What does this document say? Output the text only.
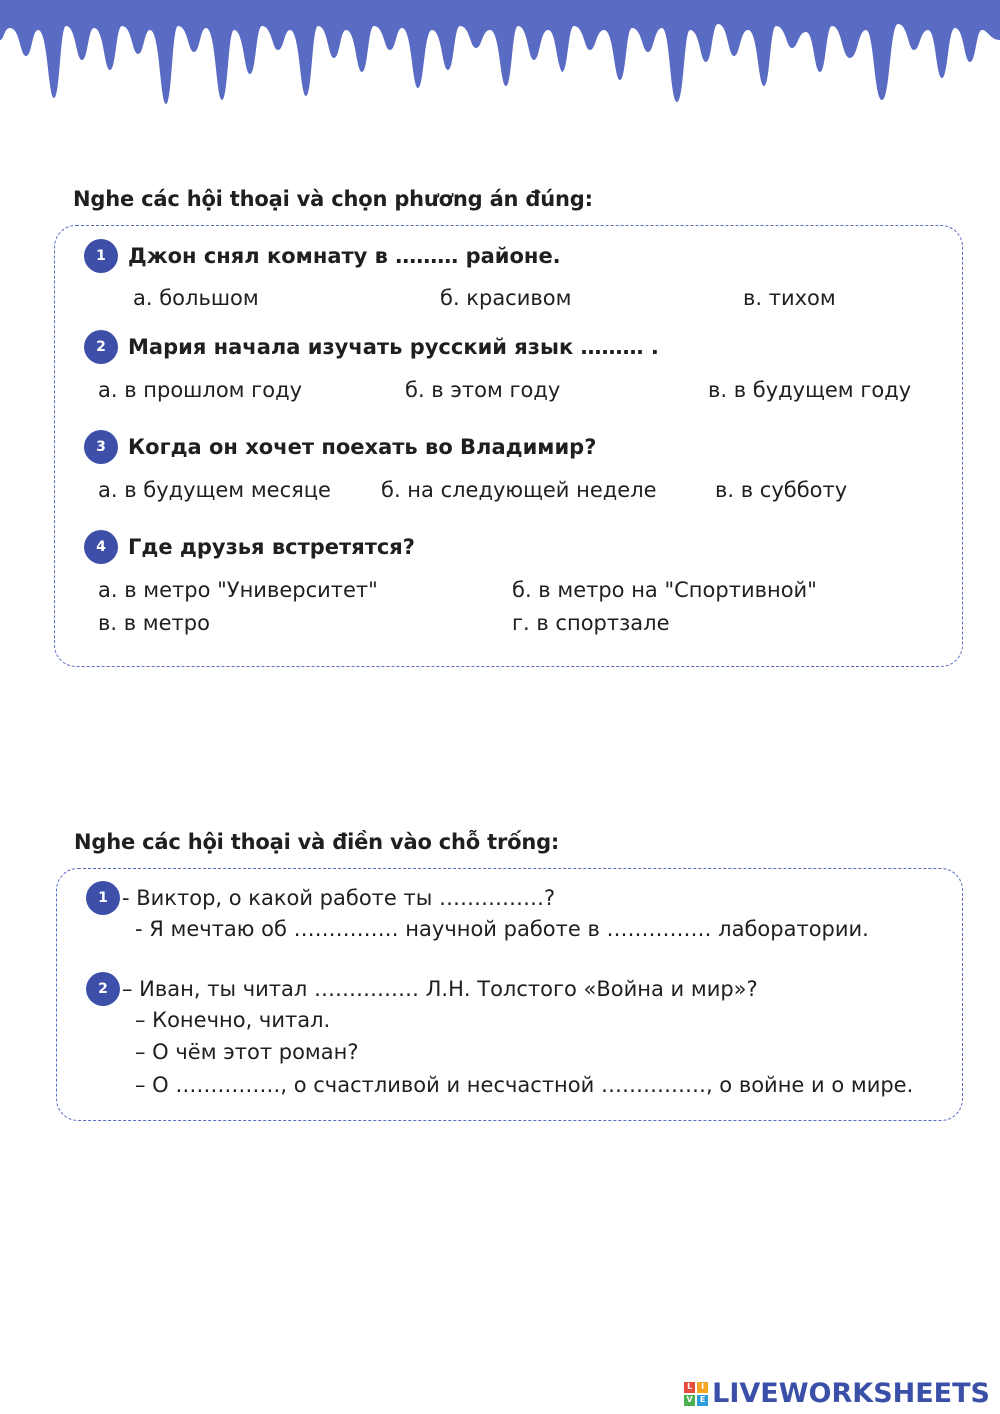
Nghe các hội thoại và chọn phương án đúng:
1	Джон снял комнату в ……… районе.
а. большом	б. красивом	в. тихом
2	Мария начала изучать русский язык ……… .
а. в прошлом году	б. в этом году	в. в будущем году
3	Когда он хочет поехать во Владимир?
а. в будущем месяце б. на следующей неделе	в. в субботу
4	Где друзья встретятся?
а. в метро "Университет"	б. в метро на "Спортивной"
в. в метро	г. в спортзале
Nghe các hội thoại và điền vào chỗ trống:
1 - Виктор, о какой работе ты ……………?
- Я мечтаю об …………… научной работе в …………… лаборатории.
2 – Иван, ты читал …………… Л.Н. Толстого «Война и мир»?
– Конечно, читал.
– О чём этот роман?
– О ……………, о счастливой и несчастной ……………, о войне и о мире.
L	I
V E LIVEWORKSHEETS
